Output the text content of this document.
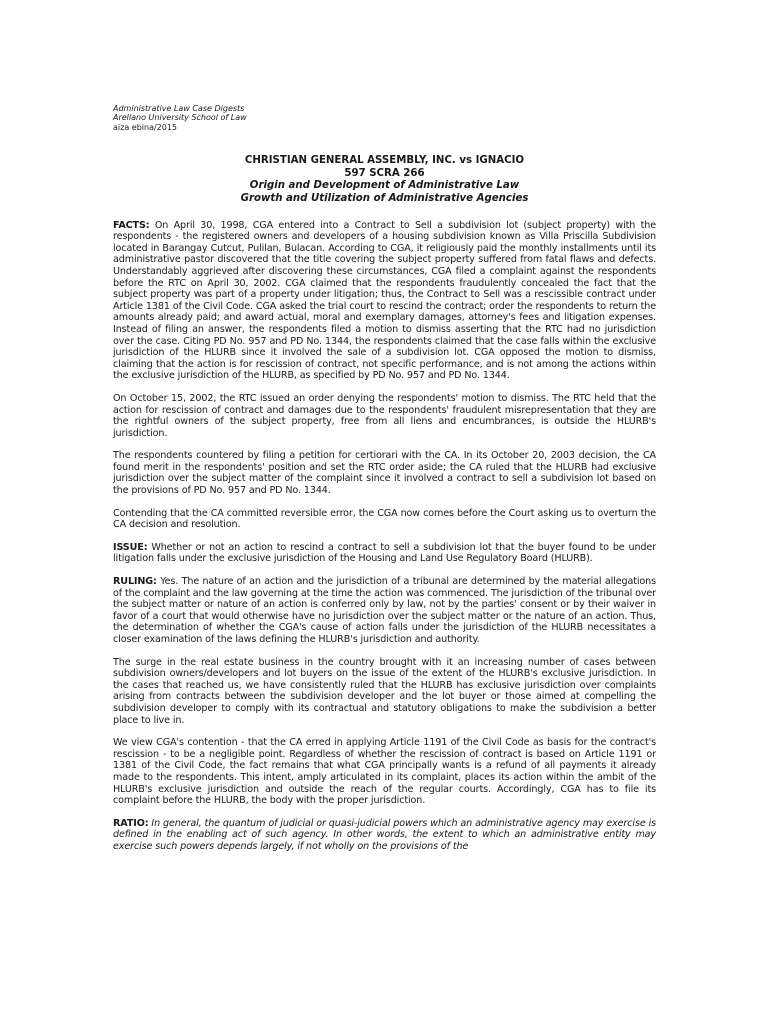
Administrative Law Case Digests
Arellano University School of Law
aiza ebina/2015
CHRISTIAN GENERAL ASSEMBLY, INC. vs IGNACIO
597 SCRA 266
Origin and Development of Administrative Law
Growth and Utilization of Administrative Agencies

FACTS: On April 30, 1998, CGA entered into a Contract to Sell a subdivision lot (subject property) with the respondents - the registered owners and developers of a housing subdivision known as Villa Priscilla Subdivision located in Barangay Cutcut, Pulilan, Bulacan. According to CGA, it religiously paid the monthly installments until its administrative pastor discovered that the title covering the subject property suffered from fatal flaws and defects. Understandably aggrieved after discovering these circumstances, CGA filed a complaint against the respondents before the RTC on April 30, 2002. CGA claimed that the respondents fraudulently concealed the fact that the subject property was part of a property under litigation; thus, the Contract to Sell was a rescissible contract under Article 1381 of the Civil Code. CGA asked the trial court to rescind the contract; order the respondents to return the amounts already paid; and award actual, moral and exemplary damages, attorney's fees and litigation expenses. Instead of filing an answer, the respondents filed a motion to dismiss asserting that the RTC had no jurisdiction over the case. Citing PD No. 957 and PD No. 1344, the respondents claimed that the case falls within the exclusive jurisdiction of the HLURB since it involved the sale of a subdivision lot. CGA opposed the motion to dismiss, claiming that the action is for rescission of contract, not specific performance, and is not among the actions within the exclusive jurisdiction of the HLURB, as specified by PD No. 957 and PD No. 1344.

On October 15, 2002, the RTC issued an order denying the respondents' motion to dismiss. The RTC held that the action for rescission of contract and damages due to the respondents' fraudulent misrepresentation that they are the rightful owners of the subject property, free from all liens and encumbrances, is outside the HLURB's jurisdiction.

The respondents countered by filing a petition for certiorari with the CA. In its October 20, 2003 decision, the CA found merit in the respondents' position and set the RTC order aside; the CA ruled that the HLURB had exclusive jurisdiction over the subject matter of the complaint since it involved a contract to sell a subdivision lot based on the provisions of PD No. 957 and PD No. 1344.

Contending that the CA committed reversible error, the CGA now comes before the Court asking us to overturn the CA decision and resolution.

ISSUE: Whether or not an action to rescind a contract to sell a subdivision lot that the buyer found to be under litigation falls under the exclusive jurisdiction of the Housing and Land Use Regulatory Board (HLURB).

RULING: Yes. The nature of an action and the jurisdiction of a tribunal are determined by the material allegations of the complaint and the law governing at the time the action was commenced. The jurisdiction of the tribunal over the subject matter or nature of an action is conferred only by law, not by the parties' consent or by their waiver in favor of a court that would otherwise have no jurisdiction over the subject matter or the nature of an action. Thus, the determination of whether the CGA's cause of action falls under the jurisdiction of the HLURB necessitates a closer examination of the laws defining the HLURB's jurisdiction and authority.

The surge in the real estate business in the country brought with it an increasing number of cases between subdivision owners/developers and lot buyers on the issue of the extent of the HLURB's exclusive jurisdiction. In the cases that reached us, we have consistently ruled that the HLURB has exclusive jurisdiction over complaints arising from contracts between the subdivision developer and the lot buyer or those aimed at compelling the subdivision developer to comply with its contractual and statutory obligations to make the subdivision a better place to live in.

We view CGA's contention - that the CA erred in applying Article 1191 of the Civil Code as basis for the contract's rescission - to be a negligible point. Regardless of whether the rescission of contract is based on Article 1191 or 1381 of the Civil Code, the fact remains that what CGA principally wants is a refund of all payments it already made to the respondents. This intent, amply articulated in its complaint, places its action within the ambit of the HLURB's exclusive jurisdiction and outside the reach of the regular courts. Accordingly, CGA has to file its complaint before the HLURB, the body with the proper jurisdiction.

RATIO: In general, the quantum of judicial or quasi-judicial powers which an administrative agency may exercise is defined in the enabling act of such agency. In other words, the extent to which an administrative entity may exercise such powers depends largely, if not wholly on the provisions of the
